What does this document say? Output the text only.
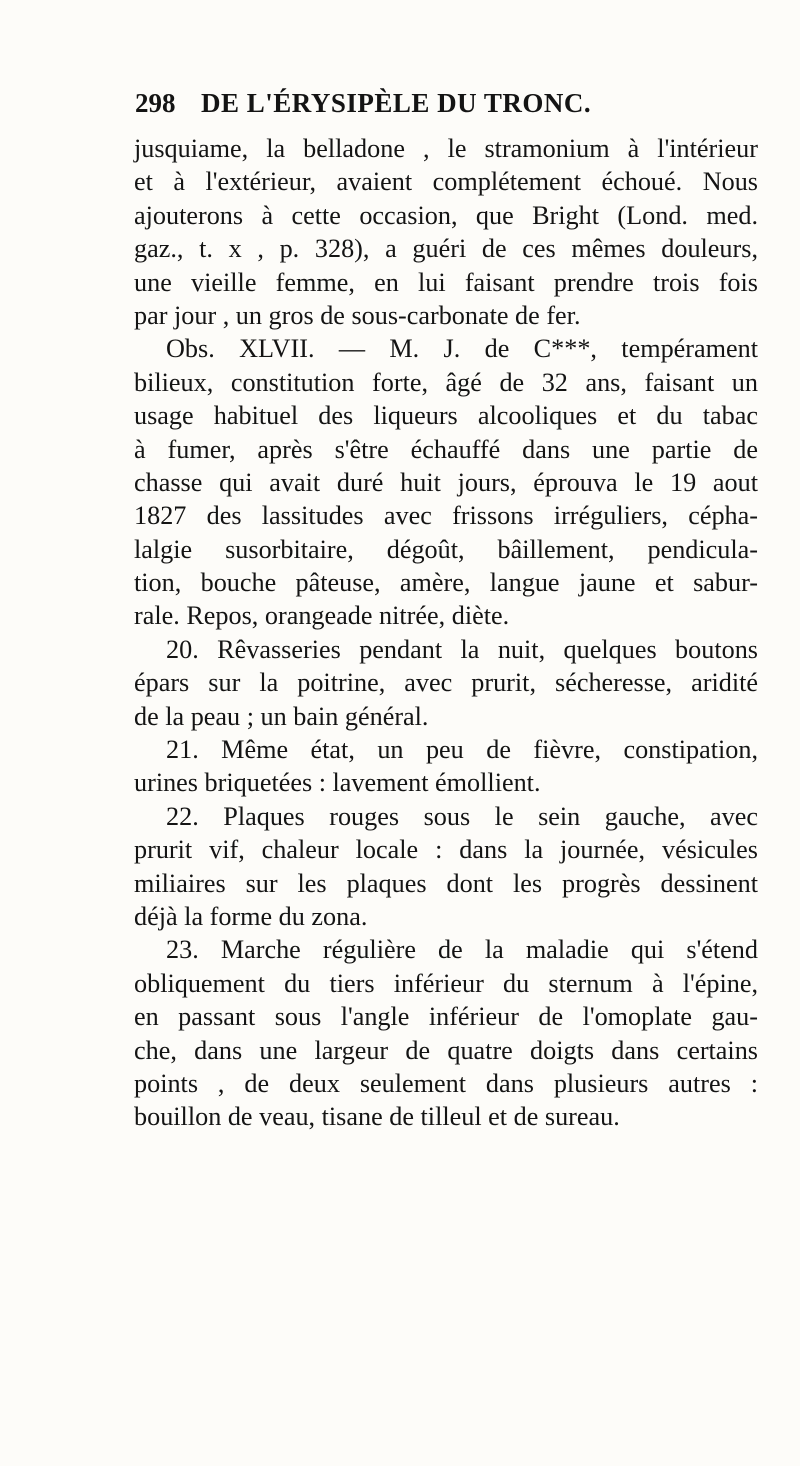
298 DE L'ÉRYSIPÈLE DU TRONC.
jusquiame, la belladone , le stramonium à l'intérieur
et à l'extérieur, avaient complétement échoué. Nous
ajouterons à cette occasion, que Bright (Lond. med.
gaz., t. x , p. 328), a guéri de ces mêmes douleurs,
une vieille femme, en lui faisant prendre trois fois
par jour , un gros de sous-carbonate de fer.
Obs. XLVII. — M. J. de C***, tempérament
bilieux, constitution forte, âgé de 32 ans, faisant un
usage habituel des liqueurs alcooliques et du tabac
à fumer, après s'être échauffé dans une partie de
chasse qui avait duré huit jours, éprouva le 19 aout
1827 des lassitudes avec frissons irréguliers, cépha-
lalgie susorbitaire, dégoût, bâillement, pendicula-
tion, bouche pâteuse, amère, langue jaune et sabur-
rale. Repos, orangeade nitrée, diète.
20. Rêvasseries pendant la nuit, quelques boutons
épars sur la poitrine, avec prurit, sécheresse, aridité
de la peau ; un bain général.
21. Même état, un peu de fièvre, constipation,
urines briquetées : lavement émollient.
22. Plaques rouges sous le sein gauche, avec
prurit vif, chaleur locale : dans la journée, vésicules
miliaires sur les plaques dont les progrès dessinent
déjà la forme du zona.
23. Marche régulière de la maladie qui s'étend
obliquement du tiers inférieur du sternum à l'épine,
en passant sous l'angle inférieur de l'omoplate gau-
che, dans une largeur de quatre doigts dans certains
points , de deux seulement dans plusieurs autres :
bouillon de veau, tisane de tilleul et de sureau.
